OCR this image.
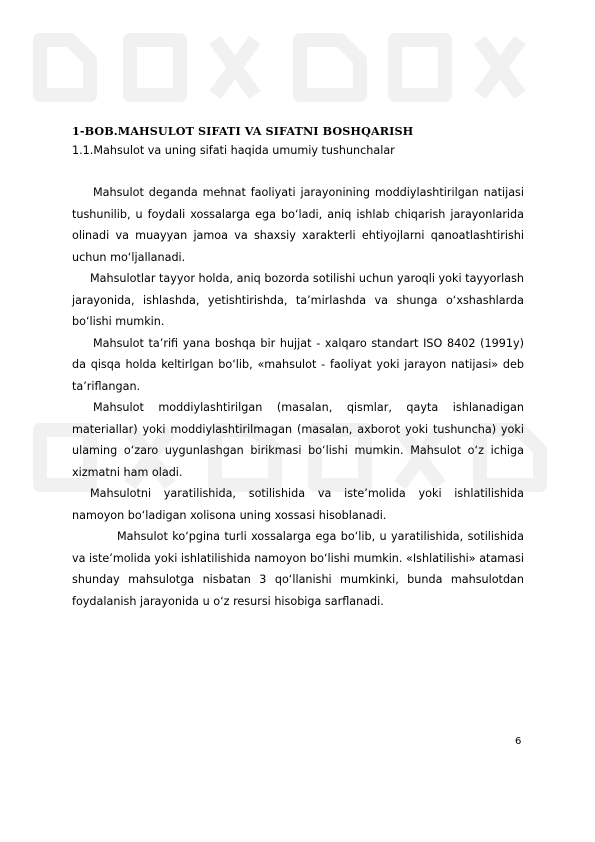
1-BOB.MAHSULOT SIFATI VA SIFATNI BOSHQARISH

1.1.Mahsulot va uning sifati haqida umumiy tushunchalar

Mahsulot deganda mehnat faoliyati jarayonining moddiylashtirilgan natijasi tushunilib, u foydali xossalarga ega bo‘ladi, aniq ishlab chiqarish jarayonlarida olinadi va muayyan jamoa va shaxsiy xarakterli ehtiyojlarni qanoatlashtirishi uchun mo‘ljallanadi.

Mahsulotlar tayyor holda, aniq bozorda sotilishi uchun yaroqli yoki tayyorlash jarayonida, ishlashda, yetishtirishda, ta’mirlashda va shunga o‘xshashlarda bo‘lishi mumkin.

Mahsulot ta’rifi yana boshqa bir hujjat - xalqaro standart ISO 8402 (1991y) da qisqa holda keltirlgan bo‘lib, «mahsulot - faoliyat yoki jarayon natijasi» deb ta’riflangan.

Mahsulot moddiylashtirilgan (masalan, qismlar, qayta ishlanadigan materiallar) yoki moddiylashtirilmagan (masalan, axborot yoki tushuncha) yoki ulaming o‘zaro uygunlashgan birikmasi bo‘lishi mumkin. Mahsulot o‘z ichiga xizmatni ham oladi.

Mahsulotni yaratilishida, sotilishida va iste’molida yoki ishlatilishida namoyon bo‘ladigan xolisona uning xossasi hisoblanadi.

Mahsulot ko‘pgina turli xossalarga ega bo‘lib, u yaratilishida, sotilishida va iste’molida yoki ishlatilishida namoyon bo‘lishi mumkin. «Ishlatilishi» atamasi shunday mahsulotga nisbatan 3 qo‘llanishi mumkinki, bunda mahsulotdan foydalanish jarayonida u o‘z resursi hisobiga sarflanadi.

6
